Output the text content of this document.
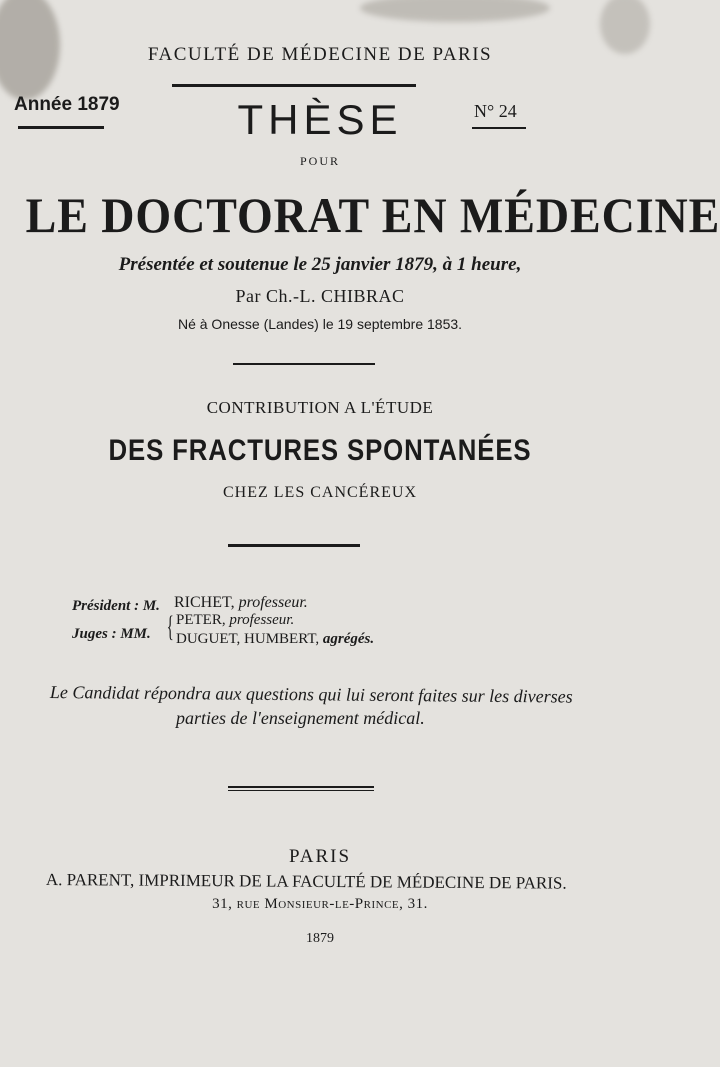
FACULTÉ DE MÉDECINE DE PARIS
Année 1879	THÈSE	N° 24
POUR
LE DOCTORAT EN MÉDECINE
Présentée et soutenue le 25 janvier 1879, à 1 heure,
Par Ch.-L. CHIBRAC
Né à Onesse (Landes) le 19 septembre 1853.
CONTRIBUTION A L'ÉTUDE
DES FRACTURES SPONTANÉES
CHEZ LES CANCÉREUX
Président : M. RICHET, professeur.
Juges : MM. { PETER, professeur.
DUGUET, HUMBERT, agrégés.
Le Candidat répondra aux questions qui lui seront faites sur les diverses
parties de l'enseignement médical.
PARIS
A. PARENT, IMPRIMEUR DE LA FACULTÉ DE MÉDECINE DE PARIS.
31, rue Monsieur-le-Prince, 31.
1879
